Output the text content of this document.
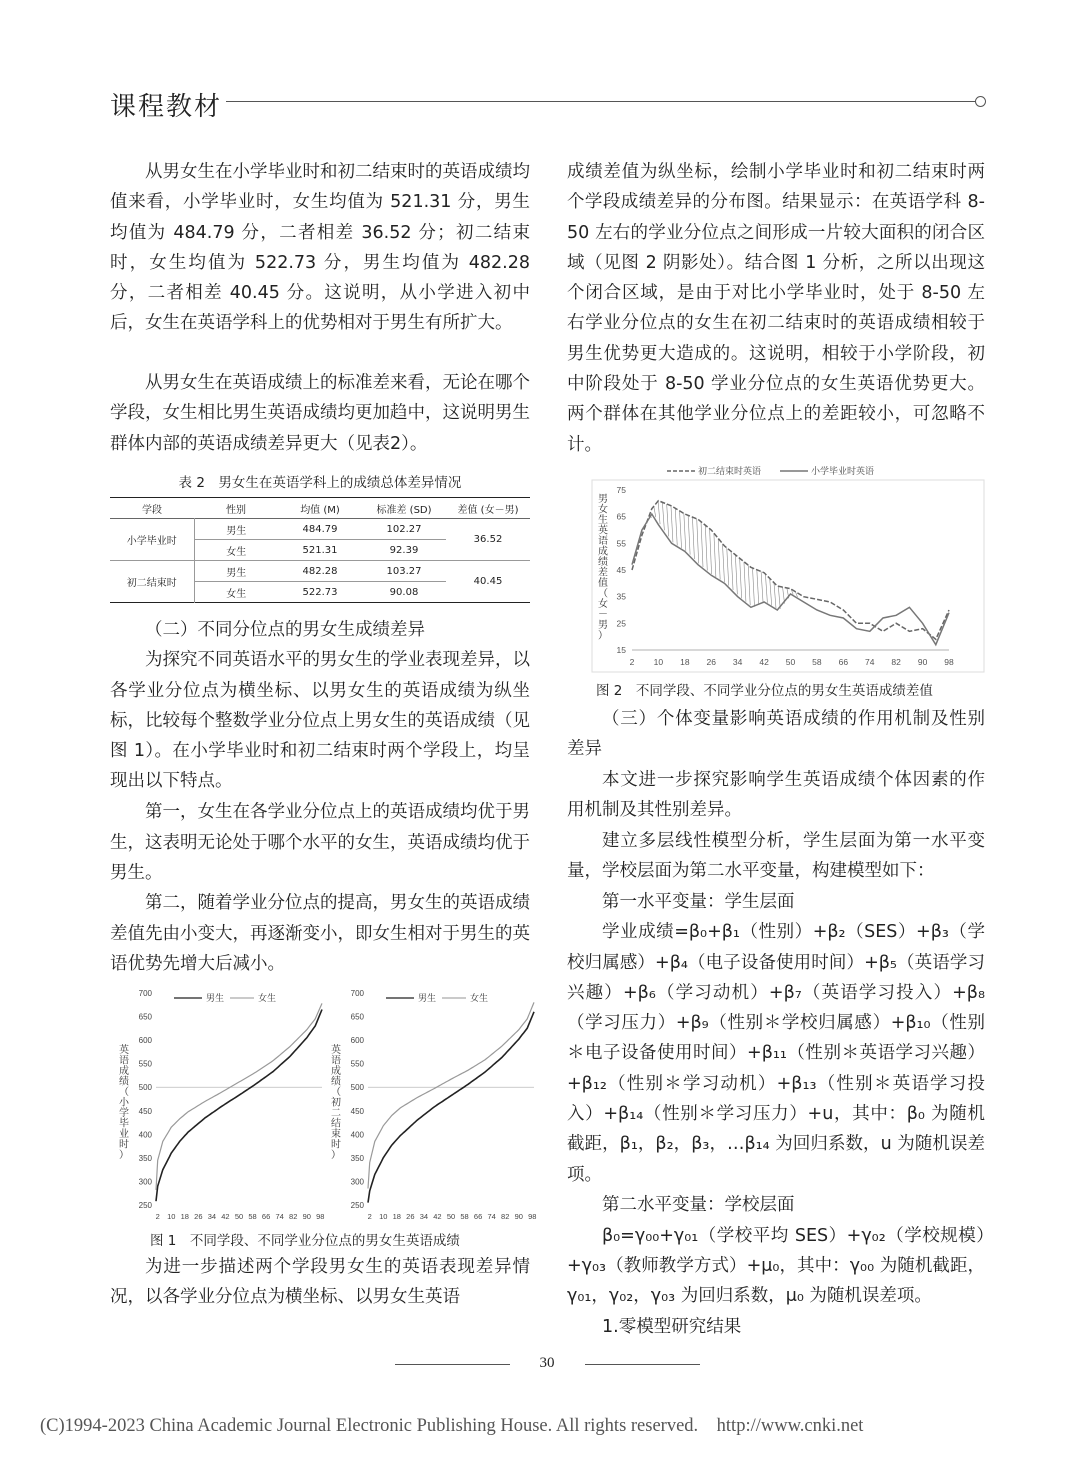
课程教材

从男女生在小学毕业时和初二结束时的英语成绩均值来看，小学毕业时，女生均值为 521.31 分，男生均值为 484.79 分，二者相差 36.52 分；初二结束时，女生均值为 522.73 分，男生均值为 482.28 分，二者相差 40.45 分。这说明，从小学进入初中后，女生在英语学科上的优势相对于男生有所扩大。

从男女生在英语成绩上的标准差来看，无论在哪个学段，女生相比男生英语成绩均更加趋中，这说明男生群体内部的英语成绩差异更大（见表2）。

表 2　男女生在英语学科上的成绩总体差异情况
学段	性别	均值 (M)	标准差 (SD)	差值 (女－男)
小学毕业时	男生	484.79	102.27	36.52
	女生	521.31	92.39	
初二结束时	男生	482.28	103.27	40.45
	女生	522.73	90.08	

（二）不同分位点的男女生成绩差异

为探究不同英语水平的男女生的学业表现差异，以各学业分位点为横坐标、以男女生的英语成绩为纵坐标，比较每个整数学业分位点上男女生的英语成绩（见图 1）。在小学毕业时和初二结束时两个学段上，均呈现出以下特点。

第一，女生在各学业分位点上的英语成绩均优于男生，这表明无论处于哪个水平的女生，英语成绩均优于男生。

第二，随着学业分位点的提高，男女生的英语成绩差值先由小变大，再逐渐变小，即女生相对于男生的英语优势先增大后减小。

250
300
350
400
450
500
550
600
650
700
2 10 18 26 34 42 50 58 66 74 82 90 98
男生	女生
英语成绩（小学毕业时）
250
300
350
400
450
500
550
600
650
700
2 10 18 26 34 42 50 58 66 74 82 90 98
男生	女生
英语成绩（初二结束时）
图 1　不同学段、不同学业分位点的男女生英语成绩

为进一步描述两个学段男女生的英语表现差异情况，以各学业分位点为横坐标、以男女生英语

成绩差值为纵坐标，绘制小学毕业时和初二结束时两个学段成绩差异的分布图。结果显示：在英语学科 8-50 左右的学业分位点之间形成一片较大面积的闭合区域（见图 2 阴影处）。结合图 1 分析，之所以出现这个闭合区域，是由于对比小学毕业时，处于 8-50 左右学业分位点的女生在初二结束时的英语成绩相较于男生优势更大造成的。这说明，相较于小学阶段，初中阶段处于 8-50 学业分位点的女生英语优势更大。两个群体在其他学业分位点上的差距较小，可忽略不计。

15
25
35
45
55
65
75
2 10 18 26 34 42 50 58 66 74 82 90 98
初二结束时英语	小学毕业时英语
男女生英语成绩差值（女－男）
图 2　不同学段、不同学业分位点的男女生英语成绩差值

（三）个体变量影响英语成绩的作用机制及性别差异

本文进一步探究影响学生英语成绩个体因素的作用机制及其性别差异。

建立多层线性模型分析，学生层面为第一水平变量，学校层面为第二水平变量，构建模型如下：

第一水平变量：学生层面

学业成绩=β₀+β₁（性别）+β₂（SES）+β₃（学校归属感）+β₄（电子设备使用时间）+β₅（英语学习兴趣）+β₆（学习动机）+β₇（英语学习投入）+β₈（学习压力）+β₉（性别＊学校归属感）+β₁₀（性别＊电子设备使用时间）+β₁₁（性别＊英语学习兴趣）+β₁₂（性别＊学习动机）+β₁₃（性别＊英语学习投入）+β₁₄（性别＊学习压力）+u，其中：β₀ 为随机截距，β₁，β₂，β₃，…β₁₄ 为回归系数，u 为随机误差项。

第二水平变量：学校层面

β₀=γ₀₀+γ₀₁（学校平均 SES）+γ₀₂（学校规模）+γ₀₃（教师教学方式）+μ₀，其中：γ₀₀ 为随机截距，γ₀₁，γ₀₂，γ₀₃ 为回归系数，μ₀ 为随机误差项。

1.零模型研究结果

30
(C)1994-2023 China Academic Journal Electronic Publishing House. All rights reserved.　http://www.cnki.net
